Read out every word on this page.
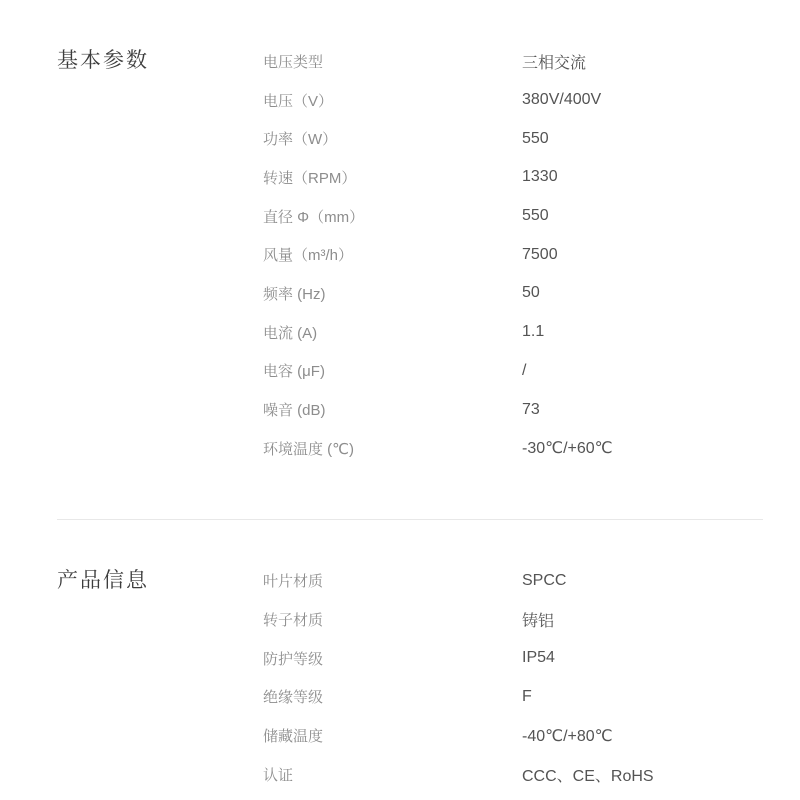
基本参数	电压类型	三相交流
电压（V）	380V/400V
功率（W）	550
转速（RPM）	1330
直径 Φ（mm）	550
风量（m³/h）	7500
频率 (Hz)	50
电流 (A)	1.1
电容 (μF)	/
噪音 (dB)	73
环境温度 (℃)	-30℃/+60℃
产品信息	叶片材质	SPCC
转子材质	铸铝
防护等级	IP54
绝缘等级	F
储藏温度	-40℃/+80℃
认证	CCC、CE、RoHS
